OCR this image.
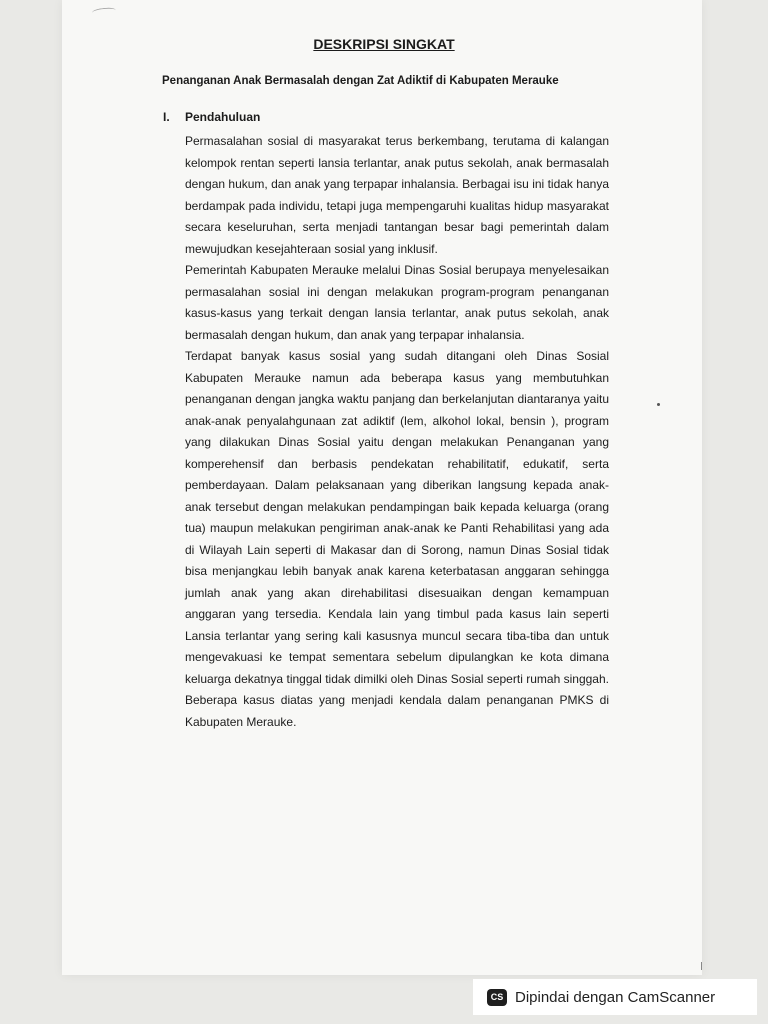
DESKRIPSI SINGKAT
Penanganan Anak Bermasalah dengan Zat Adiktif di Kabupaten Merauke
I. Pendahuluan

Permasalahan sosial di masyarakat terus berkembang, terutama di kalangan kelompok rentan seperti lansia terlantar, anak putus sekolah, anak bermasalah dengan hukum, dan anak yang terpapar inhalansia. Berbagai isu ini tidak hanya berdampak pada individu, tetapi juga mempengaruhi kualitas hidup masyarakat secara keseluruhan, serta menjadi tantangan besar bagi pemerintah dalam mewujudkan kesejahteraan sosial yang inklusif.

Pemerintah Kabupaten Merauke melalui Dinas Sosial berupaya menyelesaikan permasalahan sosial ini dengan melakukan program-program penanganan kasus-kasus yang terkait dengan lansia terlantar, anak putus sekolah, anak bermasalah dengan hukum, dan anak yang terpapar inhalansia.

Terdapat banyak kasus sosial yang sudah ditangani oleh Dinas Sosial Kabupaten Merauke namun ada beberapa kasus yang membutuhkan penanganan dengan jangka waktu panjang dan berkelanjutan diantaranya yaitu anak-anak penyalahgunaan zat adiktif (lem, alkohol lokal, bensin ), program yang dilakukan Dinas Sosial yaitu dengan melakukan Penanganan yang komperehensif dan berbasis pendekatan rehabilitatif, edukatif, serta pemberdayaan. Dalam pelaksanaan yang diberikan langsung kepada anak-anak tersebut dengan melakukan pendampingan baik kepada keluarga (orang tua) maupun melakukan pengiriman anak-anak ke Panti Rehabilitasi yang ada di Wilayah Lain seperti di Makasar dan di Sorong, namun Dinas Sosial tidak bisa menjangkau lebih banyak anak karena keterbatasan anggaran sehingga jumlah anak yang akan direhabilitasi disesuaikan dengan kemampuan anggaran yang tersedia. Kendala lain yang timbul pada kasus lain seperti Lansia terlantar yang sering kali kasusnya muncul secara tiba-tiba dan untuk mengevakuasi ke tempat sementara sebelum dipulangkan ke kota dimana keluarga dekatnya tinggal tidak dimilki oleh Dinas Sosial seperti rumah singgah. Beberapa kasus diatas yang menjadi kendala dalam penanganan PMKS di Kabupaten Merauke.

CS Dipindai dengan CamScanner
